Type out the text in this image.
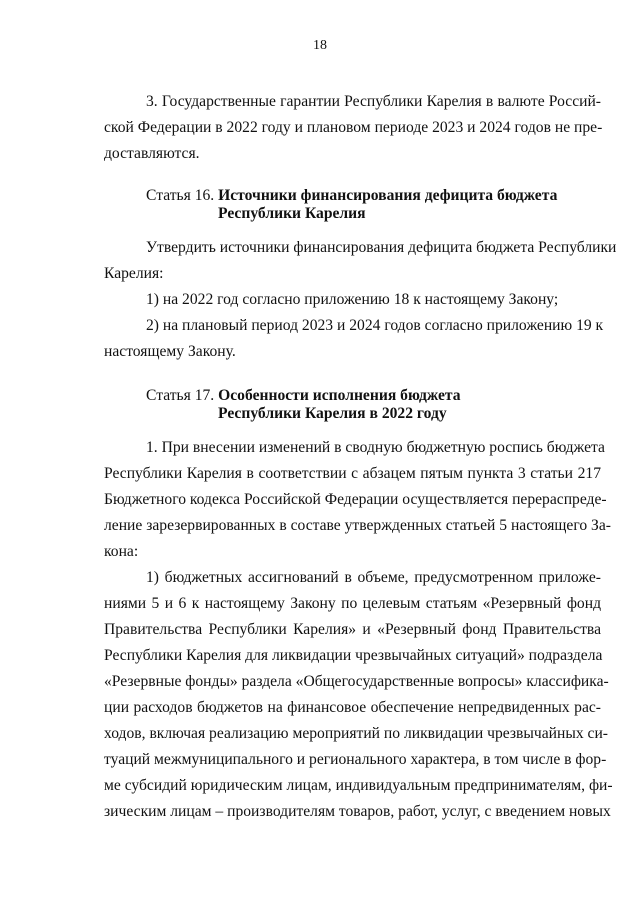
18
3. Государственные гарантии Республики Карелия в валюте Россий-
ской Федерации в 2022 году и плановом периоде 2023 и 2024 годов не пре-
доставляются.
Статья 16. Источники финансирования дефицита бюджета
Республики Карелия
Утвердить источники финансирования дефицита бюджета Республики
Карелия:
1) на 2022 год согласно приложению 18 к настоящему Закону;
2) на плановый период 2023 и 2024 годов согласно приложению 19 к
настоящему Закону.
Статья 17. Особенности исполнения бюджета
Республики Карелия в 2022 году
1. При внесении изменений в сводную бюджетную роспись бюджета
Республики Карелия в соответствии с абзацем пятым пункта 3 статьи 217
Бюджетного кодекса Российской Федерации осуществляется перераспреде-
ление зарезервированных в составе утвержденных статьей 5 настоящего За-
кона:
1) бюджетных ассигнований в объеме, предусмотренном приложе-
ниями 5 и 6 к настоящему Закону по целевым статьям «Резервный фонд
Правительства Республики Карелия» и «Резервный фонд Правительства
Республики Карелия для ликвидации чрезвычайных ситуаций» подраздела
«Резервные фонды» раздела «Общегосударственные вопросы» классифика-
ции расходов бюджетов на финансовое обеспечение непредвиденных рас-
ходов, включая реализацию мероприятий по ликвидации чрезвычайных си-
туаций межмуниципального и регионального характера, в том числе в фор-
ме субсидий юридическим лицам, индивидуальным предпринимателям, фи-
зическим лицам – производителям товаров, работ, услуг, с введением новых
